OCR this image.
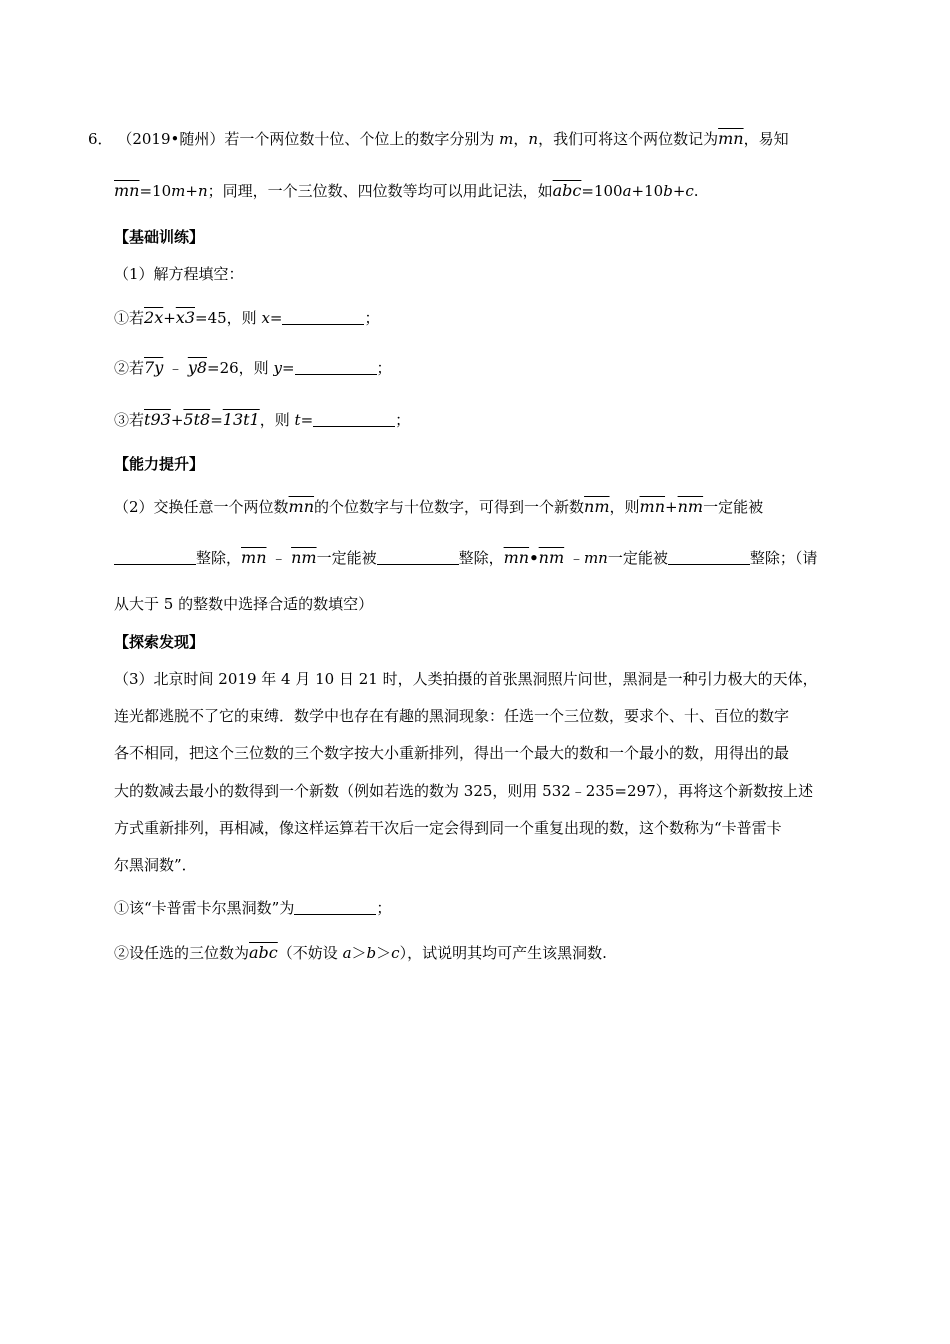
6． （2019•随州）若一个两位数十位、个位上的数字分别为 m，n，我们可将这个两位数记为$\overline{mn}$，易知
$\overline{mn}=10m+n$；同理，一个三位数、四位数等均可以用此记法，如$\overline{abc}=100a+10b+c$.
【基础训练】
（1）解方程填空：
①若2x+x3=45，则 x=	；
②若7y ﹣ y8=26，则 y=	；
③若t93+5t8=13t1，则 t=	；
【能力提升】
（2）交换任意一个两位数$\overline{mn}$的个位数字与十位数字，可得到一个新数$\overline{nm}$，则$\overline{mn}+\overline{nm}$一定能被
整除，$\overline{mn}$ ﹣ $\overline{nm}$一定能被	整除，$\overline{mn}•\overline{nm}$ ﹣mn一定能被	整除；（请
从大于 5 的整数中选择合适的数填空）
【探索发现】
（3）北京时间 2019 年 4 月 10 日 21 时，人类拍摄的首张黑洞照片问世，黑洞是一种引力极大的天体，
连光都逃脱不了它的束缚．数学中也存在有趣的黑洞现象：任选一个三位数，要求个、十、百位的数字
各不相同，把这个三位数的三个数字按大小重新排列，得出一个最大的数和一个最小的数，用得出的最
大的数减去最小的数得到一个新数（例如若选的数为 325，则用 532﹣235=297），再将这个新数按上述
方式重新排列，再相减，像这样运算若干次后一定会得到同一个重复出现的数，这个数称为“卡普雷卡
尔黑洞数”．
①该“卡普雷卡尔黑洞数”为	；
②设任选的三位数为$\overline{abc}$（不妨设 a＞b＞c），试说明其均可产生该黑洞数.
